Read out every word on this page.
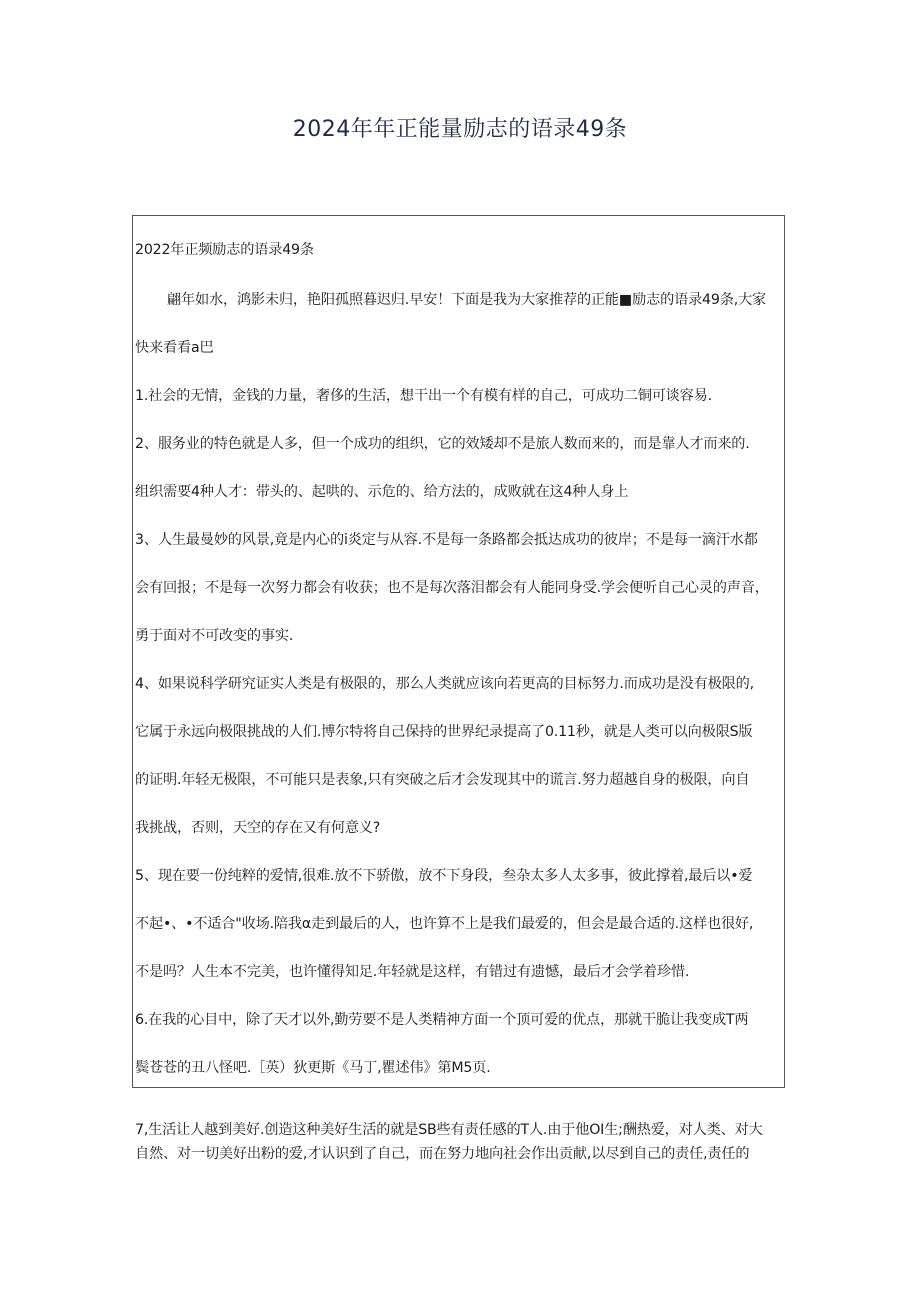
2024年年正能量励志的语录49条
2022年正频励志的语录49条
翩年如水，鸿影未归，艳阳孤照暮迟归.早安！下面是我为大家推荐的正能■励志的语录49条,大家
快来看看a巴
1.社会的无情，金钱的力量，奢侈的生活，想干出一个有模有样的自己，可成功二铜可谈容易.
2、服务业的特色就是人多，但一个成功的组织，它的效矮却不是旅人数而来的，而是靠人才而来的.
组织需要4种人才：带头的、起哄的、示危的、给方法的，成败就在这4种人身上
3、人生最曼妙的风景,竟是内心的i炎定与从容.不是每一条路都会抵达成功的彼岸；不是每一滴汗水都
会有回报；不是每一次努力都会有收获；也不是每次落泪都会有人能同身受.学会便听自己心灵的声音，
勇于面对不可改变的事实.
4、如果说科学研究证实人类是有极限的，那么人类就应该向若更高的目标努力.而成功是没有极限的,
它属于永远向极限挑战的人们.博尔特将自己保持的世界纪录提高了0.11秒，就是人类可以向极限S版
的证明.年轻无极限，不可能只是表象,只有突破之后才会发现其中的谎言.努力超越自身的极限，向自
我挑战，否则，天空的存在又有何意义?
5、现在要一份纯粹的爱情,很难.放不下骄傲，放不下身段，叁杂太多人太多事，彼此撑着,最后以•爱
不起•、•不适合"收场.陪我α走到最后的人，也许算不上是我们最爱的，但会是最合适的.这样也很好,
不是吗？人生本不完美，也许懂得知足.年轻就是这样，有错过有遗憾，最后才会学着珍惜.
6.在我的心目中，除了天才以外,勤劳要不是人类精神方面一个顶可爱的优点，那就干脆让我变成T两
鬓苍苍的丑八怪吧.［英）狄更斯《马丁,瞿述伟》第M5页.
7,生活让人越到美好.创造这种美好生活的就是SB些有责任感的T人.由于他OI生;酬热爱，对人类、对大
自然、对一切美好出粉的爱,才认识到了自己，而在努力地向社会作出贡献,以尽到自己的责任,责任的
